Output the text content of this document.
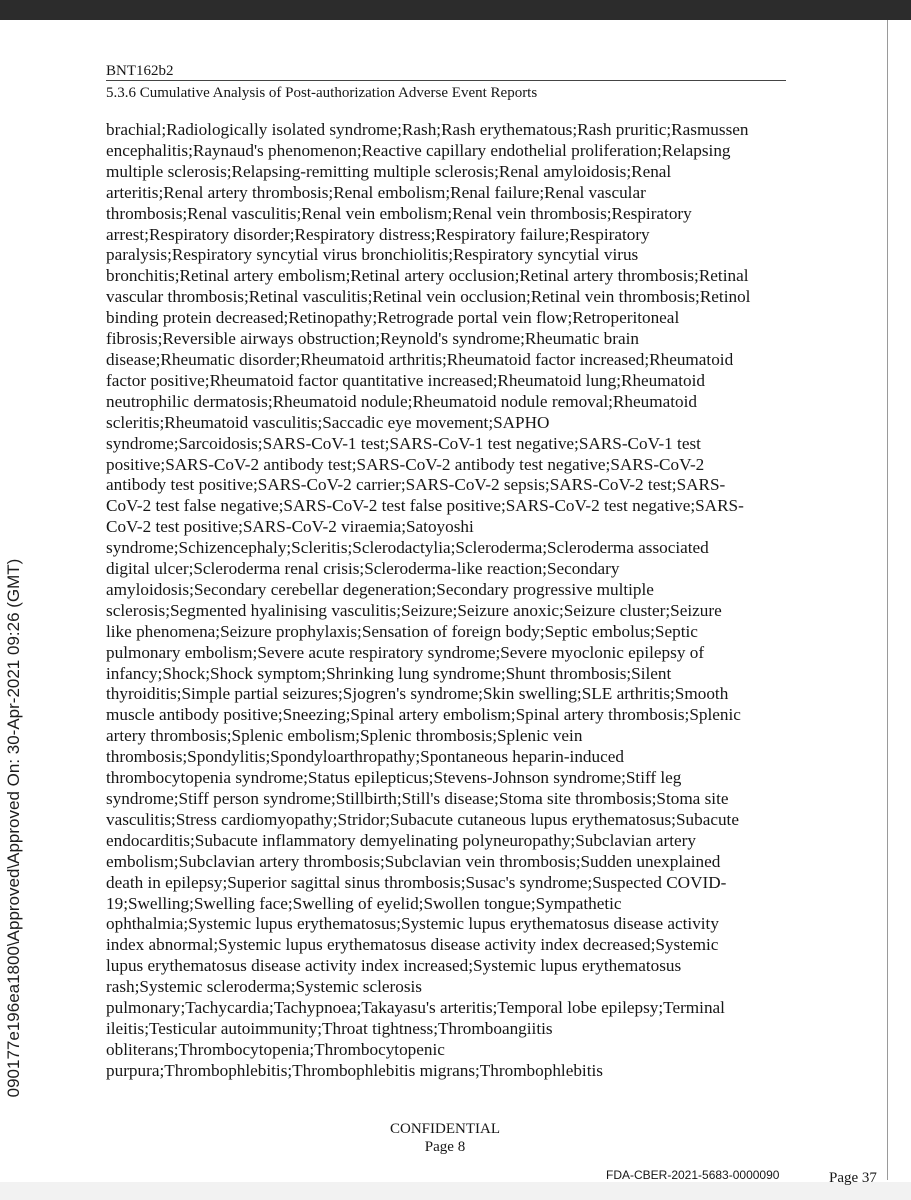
BNT162b2
5.3.6 Cumulative Analysis of Post-authorization Adverse Event Reports
brachial;Radiologically isolated syndrome;Rash;Rash erythematous;Rash pruritic;Rasmussen
encephalitis;Raynaud's phenomenon;Reactive capillary endothelial proliferation;Relapsing
multiple sclerosis;Relapsing-remitting multiple sclerosis;Renal amyloidosis;Renal
arteritis;Renal artery thrombosis;Renal embolism;Renal failure;Renal vascular
thrombosis;Renal vasculitis;Renal vein embolism;Renal vein thrombosis;Respiratory
arrest;Respiratory disorder;Respiratory distress;Respiratory failure;Respiratory
paralysis;Respiratory syncytial virus bronchiolitis;Respiratory syncytial virus
bronchitis;Retinal artery embolism;Retinal artery occlusion;Retinal artery thrombosis;Retinal
vascular thrombosis;Retinal vasculitis;Retinal vein occlusion;Retinal vein thrombosis;Retinol
binding protein decreased;Retinopathy;Retrograde portal vein flow;Retroperitoneal
fibrosis;Reversible airways obstruction;Reynold's syndrome;Rheumatic brain
disease;Rheumatic disorder;Rheumatoid arthritis;Rheumatoid factor increased;Rheumatoid
factor positive;Rheumatoid factor quantitative increased;Rheumatoid lung;Rheumatoid
neutrophilic dermatosis;Rheumatoid nodule;Rheumatoid nodule removal;Rheumatoid
scleritis;Rheumatoid vasculitis;Saccadic eye movement;SAPHO
syndrome;Sarcoidosis;SARS-CoV-1 test;SARS-CoV-1 test negative;SARS-CoV-1 test
positive;SARS-CoV-2 antibody test;SARS-CoV-2 antibody test negative;SARS-CoV-2
antibody test positive;SARS-CoV-2 carrier;SARS-CoV-2 sepsis;SARS-CoV-2 test;SARS-
CoV-2 test false negative;SARS-CoV-2 test false positive;SARS-CoV-2 test negative;SARS-
CoV-2 test positive;SARS-CoV-2 viraemia;Satoyoshi
syndrome;Schizencephaly;Scleritis;Sclerodactylia;Scleroderma;Scleroderma associated
digital ulcer;Scleroderma renal crisis;Scleroderma-like reaction;Secondary
amyloidosis;Secondary cerebellar degeneration;Secondary progressive multiple
sclerosis;Segmented hyalinising vasculitis;Seizure;Seizure anoxic;Seizure cluster;Seizure
like phenomena;Seizure prophylaxis;Sensation of foreign body;Septic embolus;Septic
pulmonary embolism;Severe acute respiratory syndrome;Severe myoclonic epilepsy of
infancy;Shock;Shock symptom;Shrinking lung syndrome;Shunt thrombosis;Silent
thyroiditis;Simple partial seizures;Sjogren's syndrome;Skin swelling;SLE arthritis;Smooth
muscle antibody positive;Sneezing;Spinal artery embolism;Spinal artery thrombosis;Splenic
artery thrombosis;Splenic embolism;Splenic thrombosis;Splenic vein
thrombosis;Spondylitis;Spondyloarthropathy;Spontaneous heparin-induced
thrombocytopenia syndrome;Status epilepticus;Stevens-Johnson syndrome;Stiff leg
syndrome;Stiff person syndrome;Stillbirth;Still's disease;Stoma site thrombosis;Stoma site
vasculitis;Stress cardiomyopathy;Stridor;Subacute cutaneous lupus erythematosus;Subacute
endocarditis;Subacute inflammatory demyelinating polyneuropathy;Subclavian artery
embolism;Subclavian artery thrombosis;Subclavian vein thrombosis;Sudden unexplained
death in epilepsy;Superior sagittal sinus thrombosis;Susac's syndrome;Suspected COVID-
19;Swelling;Swelling face;Swelling of eyelid;Swollen tongue;Sympathetic
ophthalmia;Systemic lupus erythematosus;Systemic lupus erythematosus disease activity
index abnormal;Systemic lupus erythematosus disease activity index decreased;Systemic
lupus erythematosus disease activity index increased;Systemic lupus erythematosus
rash;Systemic scleroderma;Systemic sclerosis
pulmonary;Tachycardia;Tachypnoea;Takayasu's arteritis;Temporal lobe epilepsy;Terminal
ileitis;Testicular autoimmunity;Throat tightness;Thromboangiitis
obliterans;Thrombocytopenia;Thrombocytopenic
purpura;Thrombophlebitis;Thrombophlebitis migrans;Thrombophlebitis
CONFIDENTIAL
Page 8
FDA-CBER-2021-5683-0000090	Page 37
090177e196ea1800\Approved\Approved On: 30-Apr-2021 09:26 (GMT)
